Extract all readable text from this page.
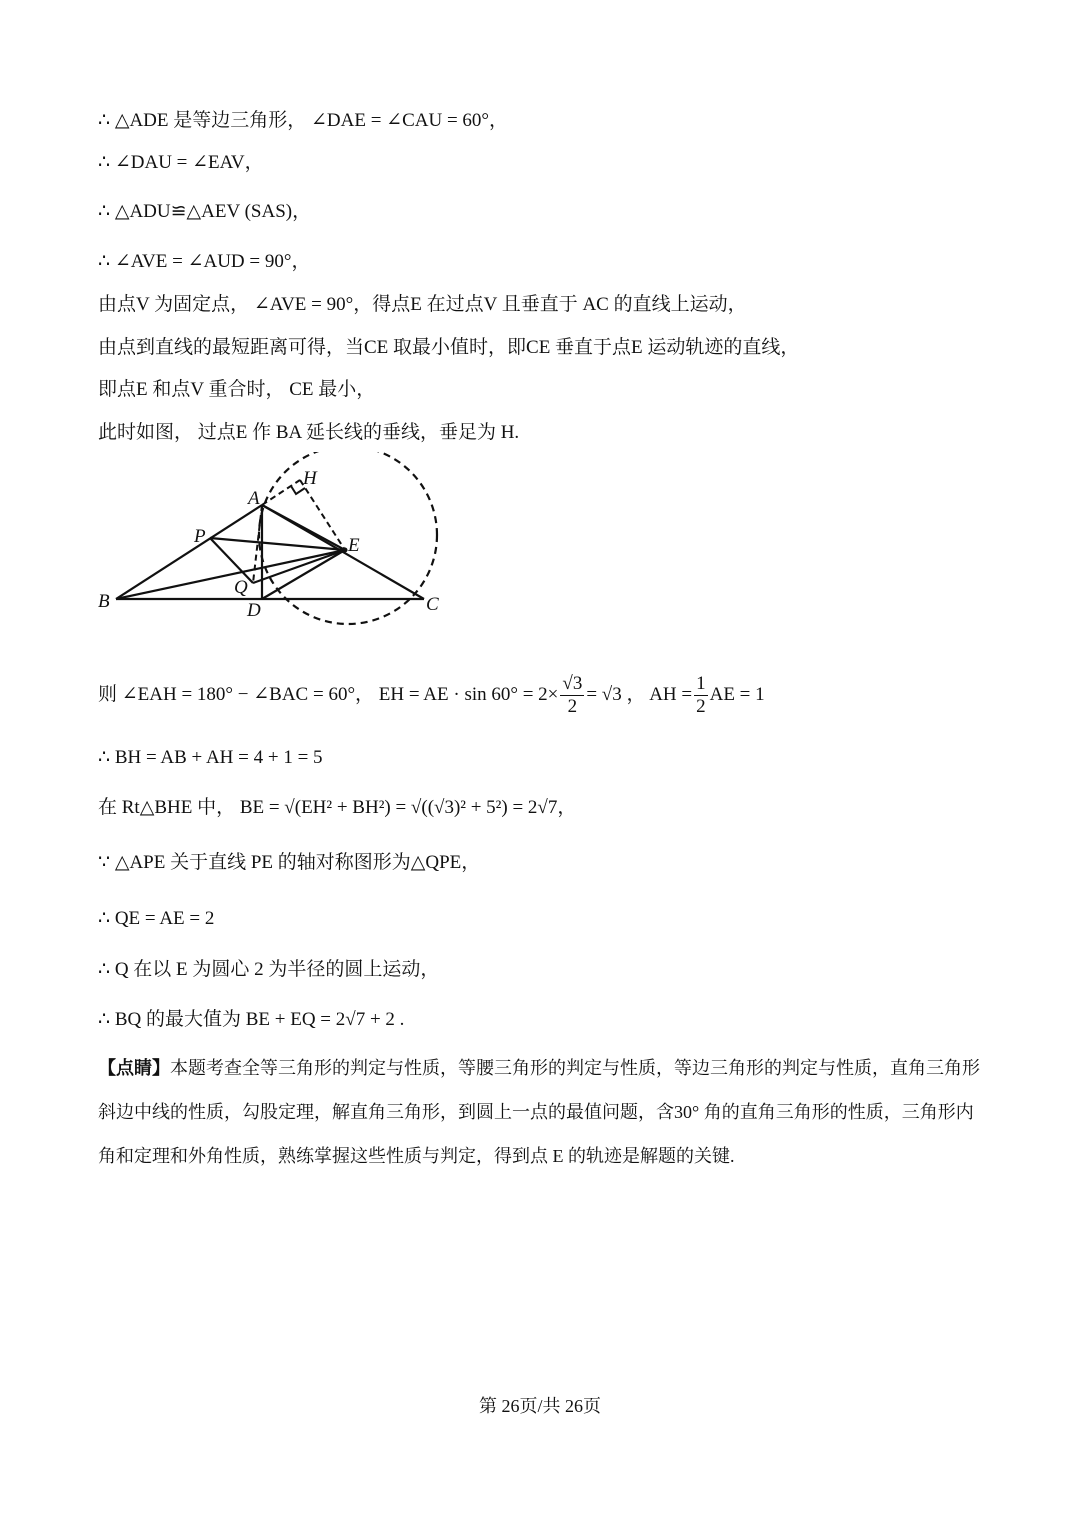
∴ △ADE 是等边三角形， ∠DAE = ∠CAU = 60°，
∴ ∠DAU = ∠EAV，
∴ △ADU≌△AEV (SAS)，
∴ ∠AVE = ∠AUD = 90°，
由点V 为固定点， ∠AVE = 90°，得点E 在过点V 且垂直于 AC 的直线上运动，
由点到直线的最短距离可得，当CE 取最小值时，即CE 垂直于点E 运动轨迹的直线，
即点E 和点V 重合时， CE 最小，
此时如图， 过点E 作 BA 延长线的垂线，垂足为 H.
A
H
P	E
Q
B	D	C
则 ∠EAH = 180° − ∠BAC = 60°， EH = AE · $\sin 60^\circ = 2\times \frac{√3}{2} = √3$ ， AH = $\frac{1}{2}$ AE = 1
∴ BH = AB + AH = 4 + 1 = 5
在 Rt△BHE 中， BE = √(EH² + BH²) = √((√3)² + 5²) = 2√7，
∵ △APE 关于直线 PE 的轴对称图形为△QPE，
∴ QE = AE = 2
∴ Q 在以 E 为圆心 2 为半径的圆上运动，
∴ BQ 的最大值为 BE + EQ = 2√7 + 2 .
【点睛】本题考查全等三角形的判定与性质，等腰三角形的判定与性质，等边三角形的判定与性质，直角三角形斜边中线的性质，勾股定理，解直角三角形，到圆上一点的最值问题，含30° 角的直角三角形的性质，三角形内角和定理和外角性质，熟练掌握这些性质与判定，得到点 E 的轨迹是解题的关键.
第 26页/共 26页
